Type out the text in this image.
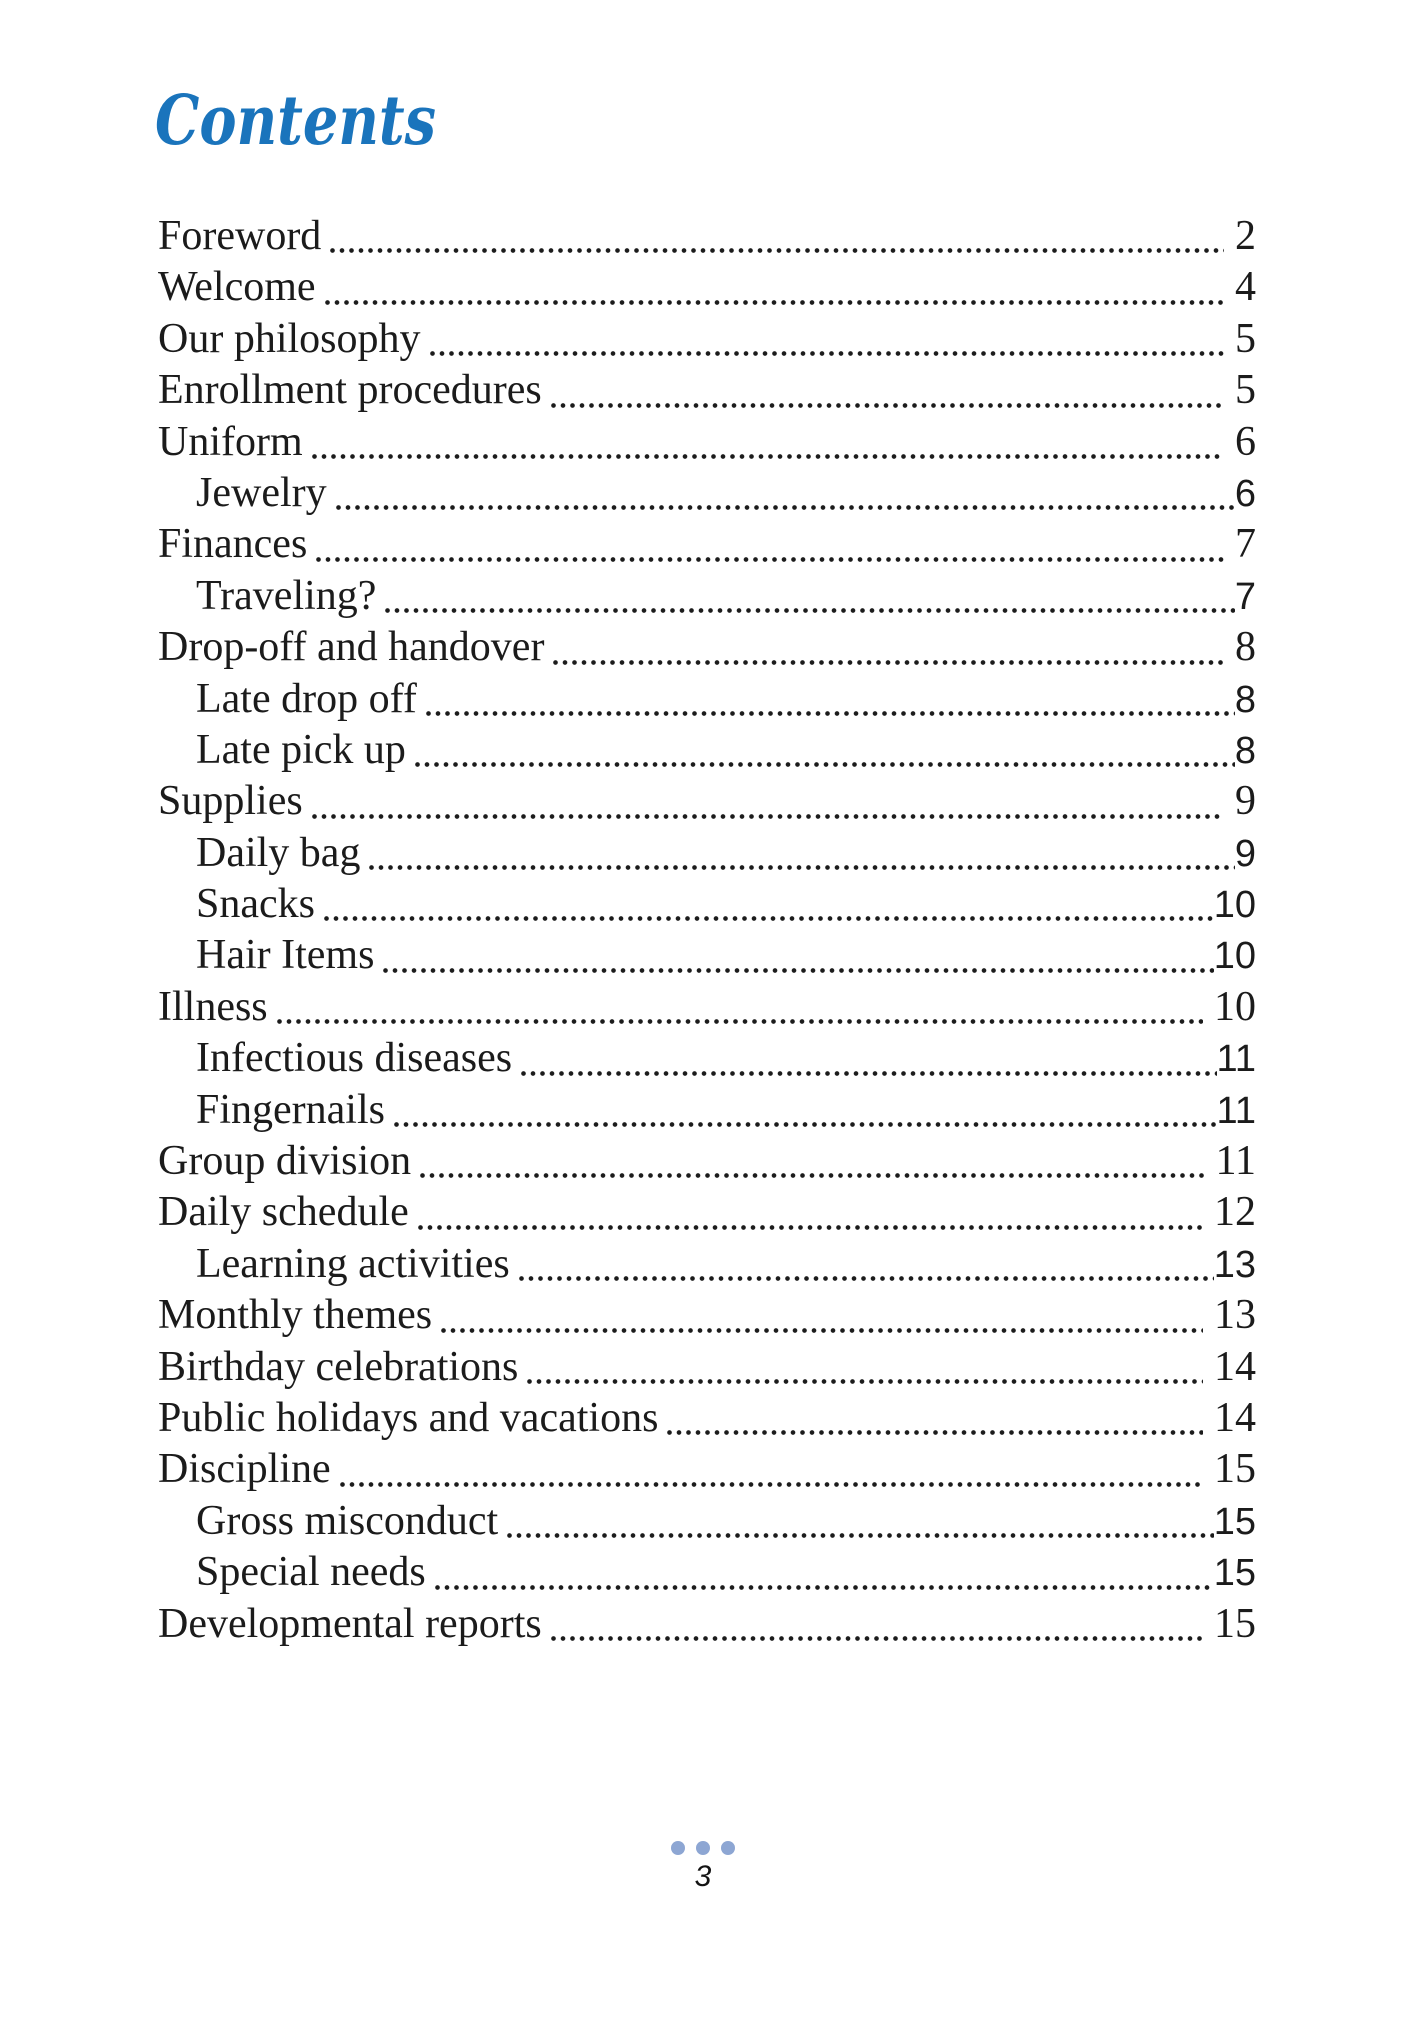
Contents
Foreword	2
Welcome	4
Our philosophy	5
Enrollment procedures	5
Uniform	6
Jewelry	6
Finances	7
Traveling?	7
Drop-off and handover	8
Late drop off	8
Late pick up	8
Supplies	9
Daily bag	9
Snacks	10
Hair Items	10
Illness	10
Infectious diseases	11
Fingernails	11
Group division	11
Daily schedule	12
Learning activities	13
Monthly themes	13
Birthday celebrations	14
Public holidays and vacations	14
Discipline	15
Gross misconduct	15
Special needs	15
Developmental reports	15
3
